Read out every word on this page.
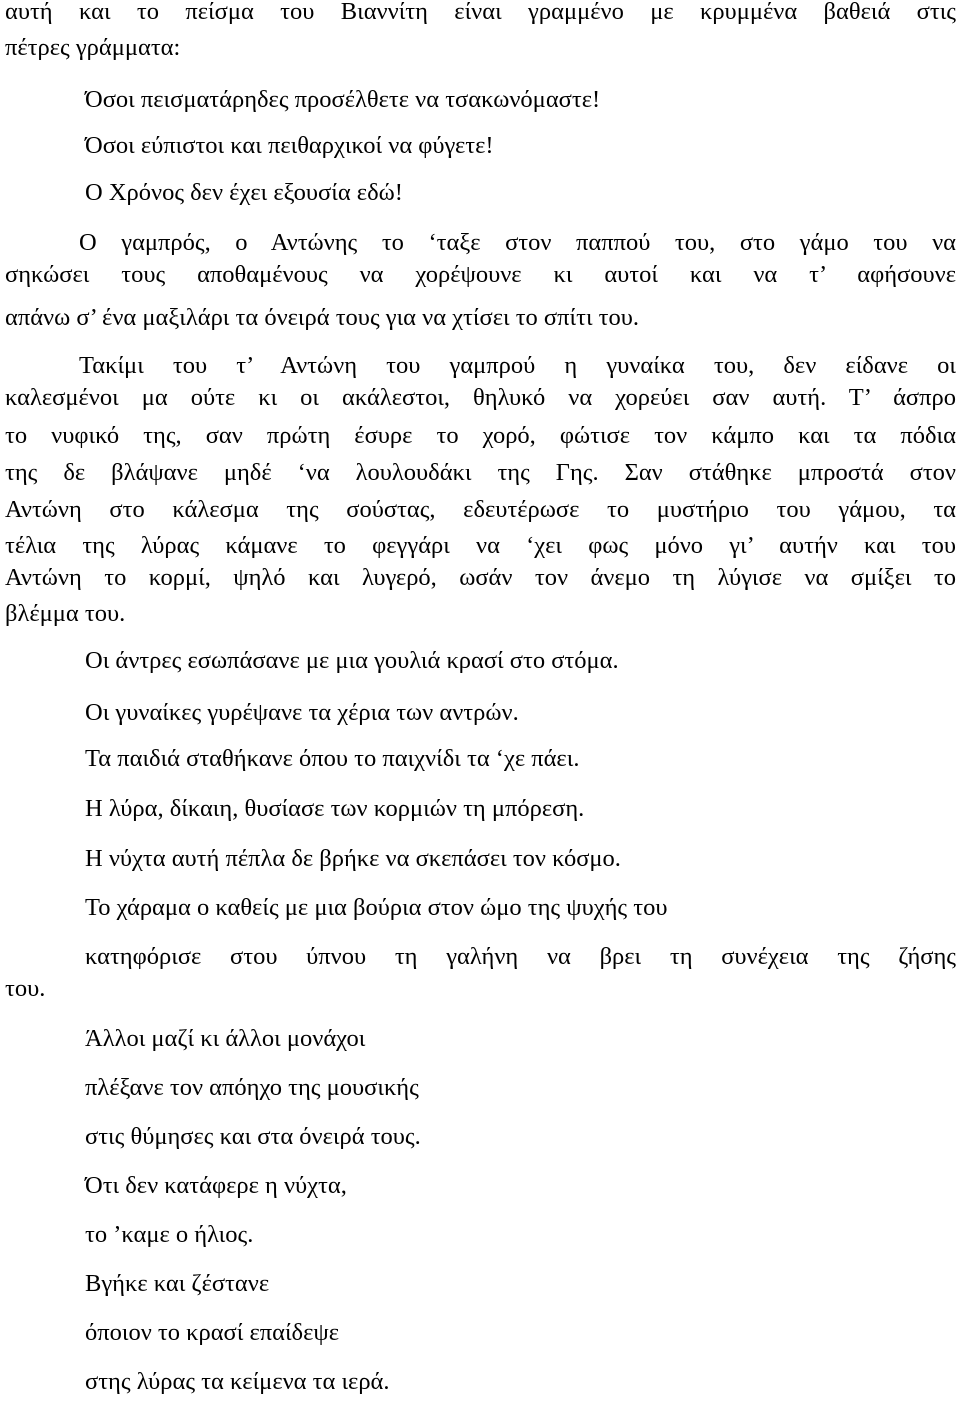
αυτή και το πείσμα του Βιαννίτη είναι γραμμένο με κρυμμένα βαθειά στις
πέτρες γράμματα:
Όσοι πεισματάρηδες προσέλθετε να τσακωνόμαστε!
Όσοι εύπιστοι και πειθαρχικοί να φύγετε!
Ο Χρόνος δεν έχει εξουσία εδώ!
Ο γαμπρός, ο Αντώνης το ‘ταξε στον παππού του, στο γάμο του να
σηκώσει τους αποθαμένους να χορέψουνε κι αυτοί και να τ’ αφήσουνε
απάνω σ’ ένα μαξιλάρι τα όνειρά τους για να χτίσει το σπίτι του.
Τακίμι του τ’ Αντώνη του γαμπρού η γυναίκα του, δεν είδανε οι
καλεσμένοι μα ούτε κι οι ακάλεστοι, θηλυκό να χορεύει σαν αυτή. Τ’ άσπρο
το νυφικό της, σαν πρώτη έσυρε το χορό, φώτισε τον κάμπο και τα πόδια
της δε βλάψανε μηδέ ‘να λουλουδάκι της Γης. Σαν στάθηκε μπροστά στον
Αντώνη στο κάλεσμα της σούστας, εδευτέρωσε το μυστήριο του γάμου, τα
τέλια της λύρας κάμανε το φεγγάρι να ‘χει φως μόνο γι’ αυτήν και του
Αντώνη το κορμί, ψηλό και λυγερό, ωσάν τον άνεμο τη λύγισε να σμίξει το
βλέμμα του.
Οι άντρες εσωπάσανε με μια γουλιά κρασί στο στόμα.
Οι γυναίκες γυρέψανε τα χέρια των αντρών.
Τα παιδιά σταθήκανε όπου το παιχνίδι τα ‘χε πάει.
Η λύρα, δίκαιη, θυσίασε των κορμιών τη μπόρεση.
Η νύχτα αυτή πέπλα δε βρήκε να σκεπάσει τον κόσμο.
Το χάραμα ο καθείς με μια βούρια στον ώμο της ψυχής του
κατηφόρισε στου ύπνου τη γαλήνη να βρει τη συνέχεια της ζήσης
του.
Άλλοι μαζί κι άλλοι μονάχοι
πλέξανε τον απόηχο της μουσικής
στις θύμησες και στα όνειρά τους.
Ότι δεν κατάφερε η νύχτα,
το ’καμε ο ήλιος.
Βγήκε και ζέστανε
όποιον το κρασί επαίδεψε
στης λύρας τα κείμενα τα ιερά.
